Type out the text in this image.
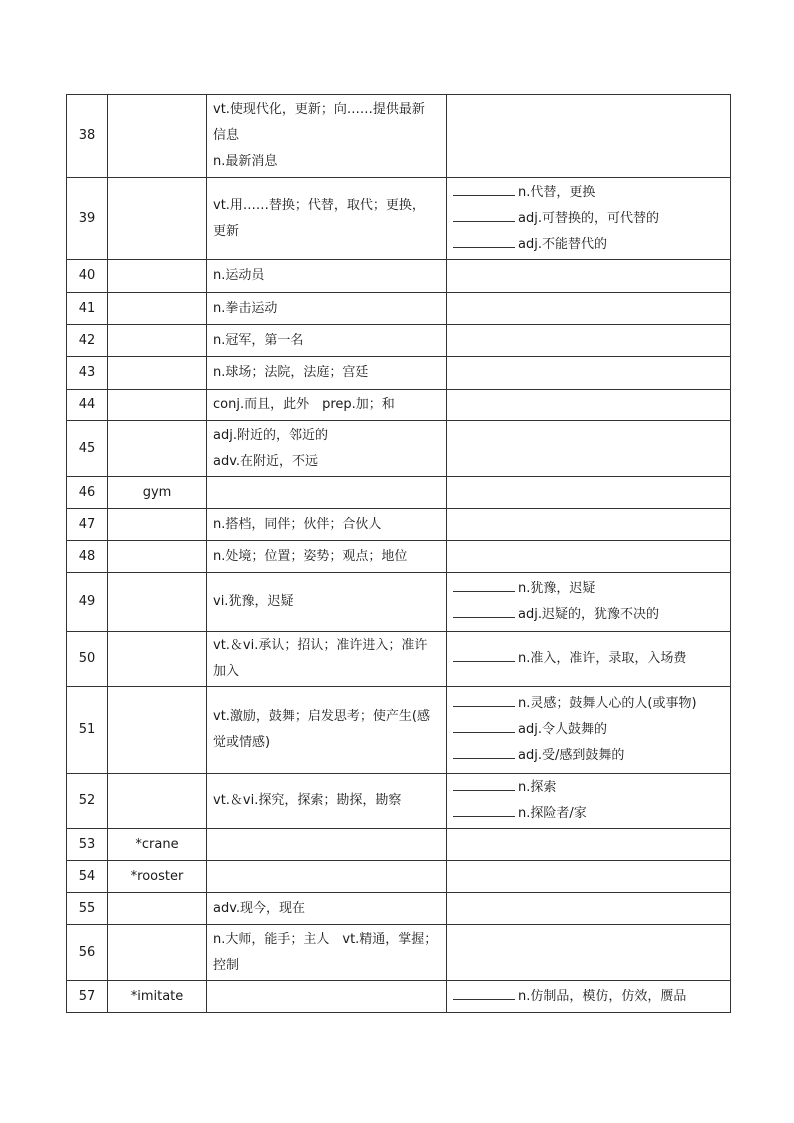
38		vt.使现代化，更新；向……提供最新
信息
n.最新消息	

39		vt.用……替换；代替，取代；更换，
更新	n.代替，更换
adj.可替换的，可代替的
adj.不能替代的

40		n.运动员	

41		n.拳击运动	

42		n.冠军，第一名	

43		n.球场；法院，法庭；宫廷	

44		conj.而且，此外　prep.加；和	

45		adj.附近的，邻近的
adv.在附近，不远	

46	gym		
47		n.搭档，同伴；伙伴；合伙人	

48		n.处境；位置；姿势；观点；地位	

49		vi.犹豫，迟疑	n.犹豫，迟疑
adj.迟疑的，犹豫不决的

50		vt.＆vi.承认；招认；准许进入；准许
加入	n.准入，准许，录取，入场费

51		vt.激励，鼓舞；启发思考；使产生(感
觉或情感)	n.灵感；鼓舞人心的人(或事物)
adj.令人鼓舞的
adj.受/感到鼓舞的

52		vt.＆vi.探究，探索；勘探，勘察	n.探索
n.探险者/家

53	*crane		
54	*rooster		
55		adv.现今，现在	

56		n.大师，能手；主人　vt.精通，掌握；
控制	

57	*imitate		n.仿制品，模仿，仿效，赝品
